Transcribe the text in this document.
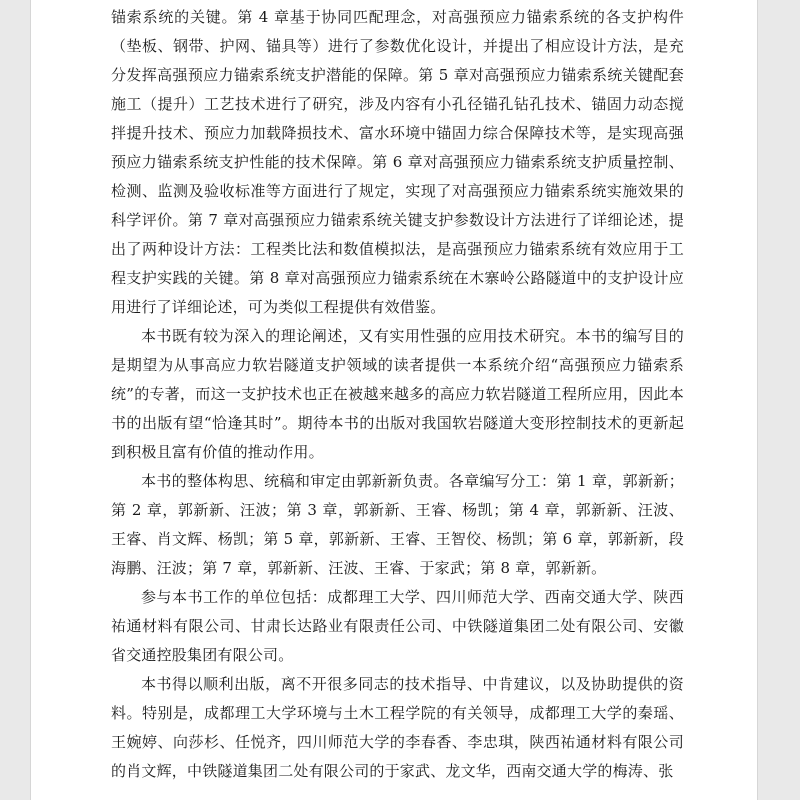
锚索系统的关键。第 4 章基于协同匹配理念，对高强预应力锚索系统的各支护构件（垫板、钢带、护网、锚具等）进行了参数优化设计，并提出了相应设计方法，是充分发挥高强预应力锚索系统支护潜能的保障。第 5 章对高强预应力锚索系统关键配套施工（提升）工艺技术进行了研究，涉及内容有小孔径锚孔钻孔技术、锚固力动态搅拌提升技术、预应力加载降损技术、富水环境中锚固力综合保障技术等，是实现高强预应力锚索系统支护性能的技术保障。第 6 章对高强预应力锚索系统支护质量控制、检测、监测及验收标准等方面进行了规定，实现了对高强预应力锚索系统实施效果的科学评价。第 7 章对高强预应力锚索系统关键支护参数设计方法进行了详细论述，提出了两种设计方法：工程类比法和数值模拟法，是高强预应力锚索系统有效应用于工程支护实践的关键。第 8 章对高强预应力锚索系统在木寨岭公路隧道中的支护设计应用进行了详细论述，可为类似工程提供有效借鉴。

本书既有较为深入的理论阐述，又有实用性强的应用技术研究。本书的编写目的是期望为从事高应力软岩隧道支护领域的读者提供一本系统介绍“高强预应力锚索系统”的专著，而这一支护技术也正在被越来越多的高应力软岩隧道工程所应用，因此本书的出版有望“恰逢其时”。期待本书的出版对我国软岩隧道大变形控制技术的更新起到积极且富有价值的推动作用。

本书的整体构思、统稿和审定由郭新新负责。各章编写分工：第 1 章，郭新新；第 2 章，郭新新、汪波；第 3 章，郭新新、王睿、杨凯；第 4 章，郭新新、汪波、王睿、肖文辉、杨凯；第 5 章，郭新新、王睿、王智佼、杨凯；第 6 章，郭新新，段海鹏、汪波；第 7 章，郭新新、汪波、王睿、于家武；第 8 章，郭新新。

参与本书工作的单位包括：成都理工大学、四川师范大学、西南交通大学、陕西祐通材料有限公司、甘肃长达路业有限责任公司、中铁隧道集团二处有限公司、安徽省交通控股集团有限公司。

本书得以顺利出版，离不开很多同志的技术指导、中肯建议，以及协助提供的资料。特别是，成都理工大学环境与土木工程学院的有关领导，成都理工大学的秦瑶、王婉婷、向莎杉、任悦齐，四川师范大学的李春香、李忠琪，陕西祐通材料有限公司的肖文辉，中铁隧道集团二处有限公司的于家武、龙文华，西南交通大学的梅涛、张
